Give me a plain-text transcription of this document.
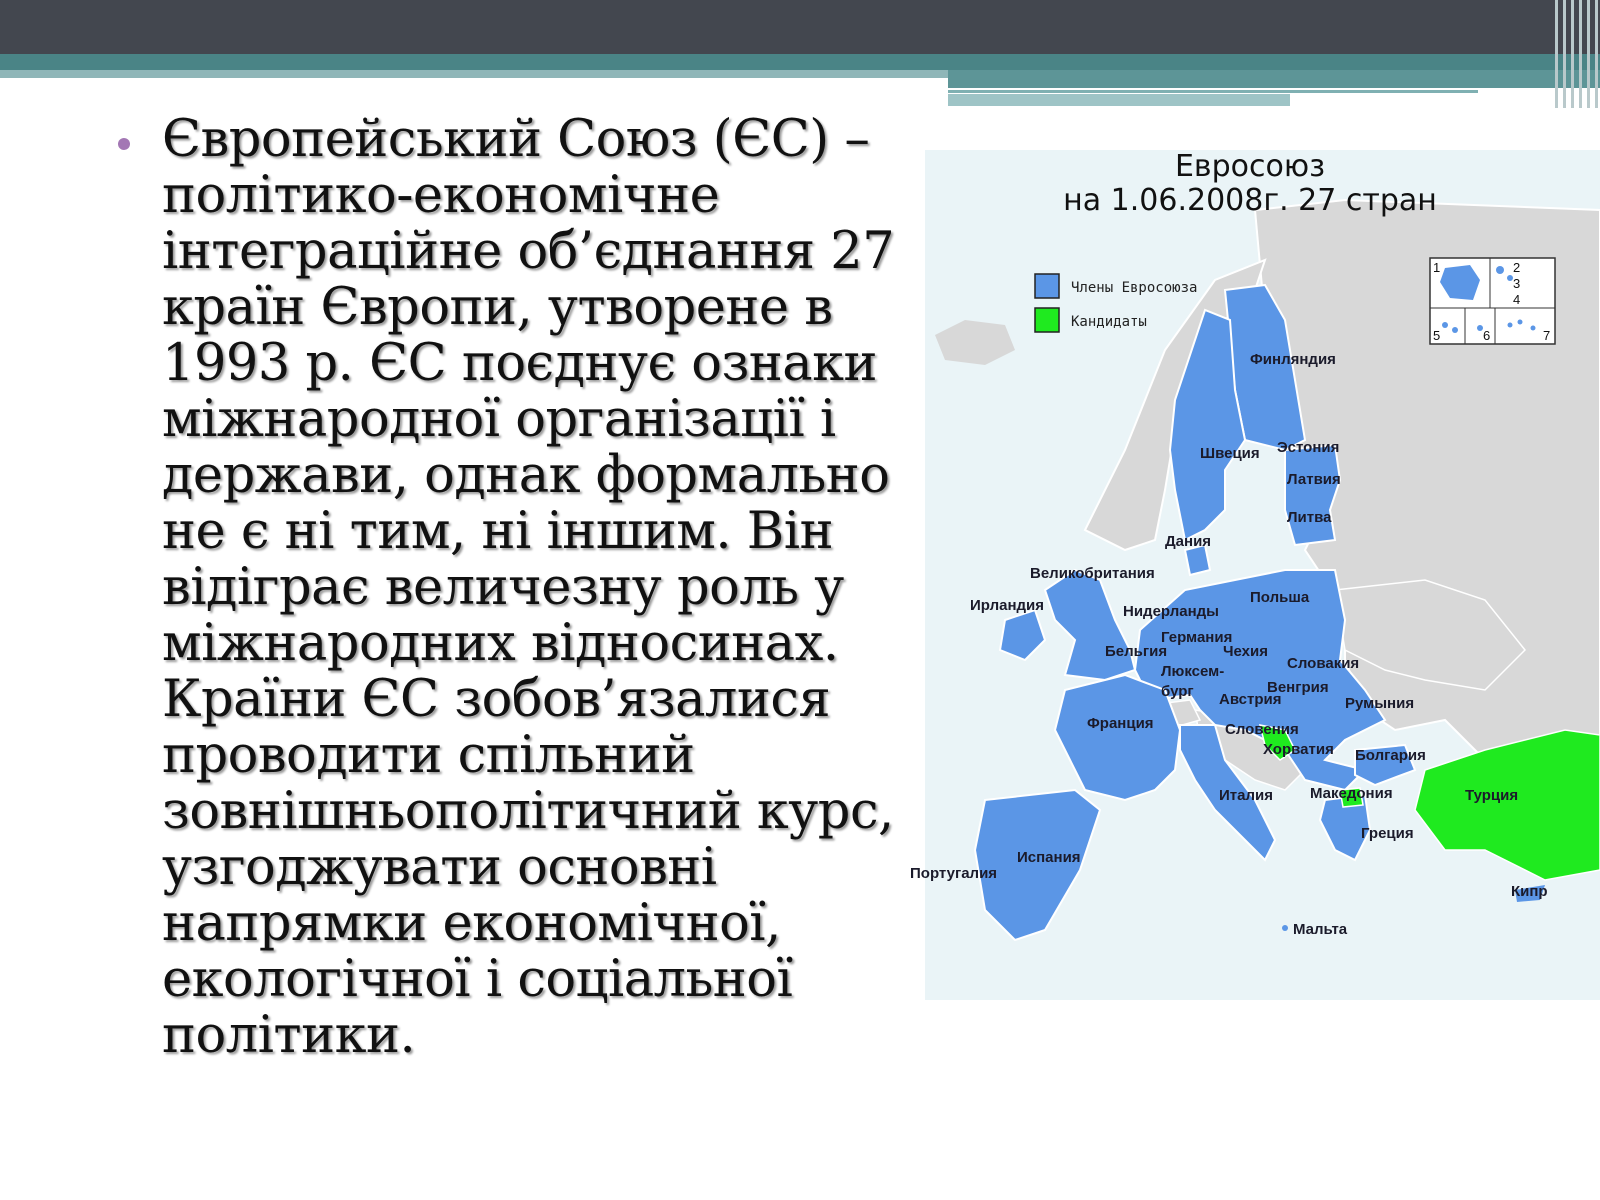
Європейський Союз (ЄС) – політико-економічне інтеграційне об’єднання 27 країн Європи, утворене в 1993 р. ЄС поєднує ознаки міжнародної організації і держави, однак формально не є ні тим, ні іншим. Він відіграє величезну роль у міжнародних відносинах. Країни ЄС зобов’язалися проводити спільний зовнішньополітичний курс, узгоджувати основні напрямки економічної, екологічної і соціальної політики.

Евросоюз
на 1.06.2008г. 27 стран
Члены Евросоюза
Кандидаты
1	2
3
4
5	6	7
Финляндия
Швеция Эстония
Латвия
Литва
Дания
Великобритания
Ирландия	Нидерланды
Польша
Германия
Бельгия	Чехия
Люксем-
бург
Словакия
Венгрия
Австрия	Румыния
Франция	Словения
Хорватия Болгария
Италия Македония	Турция
Греция
Португалия
Испания
Кипр
Мальта
